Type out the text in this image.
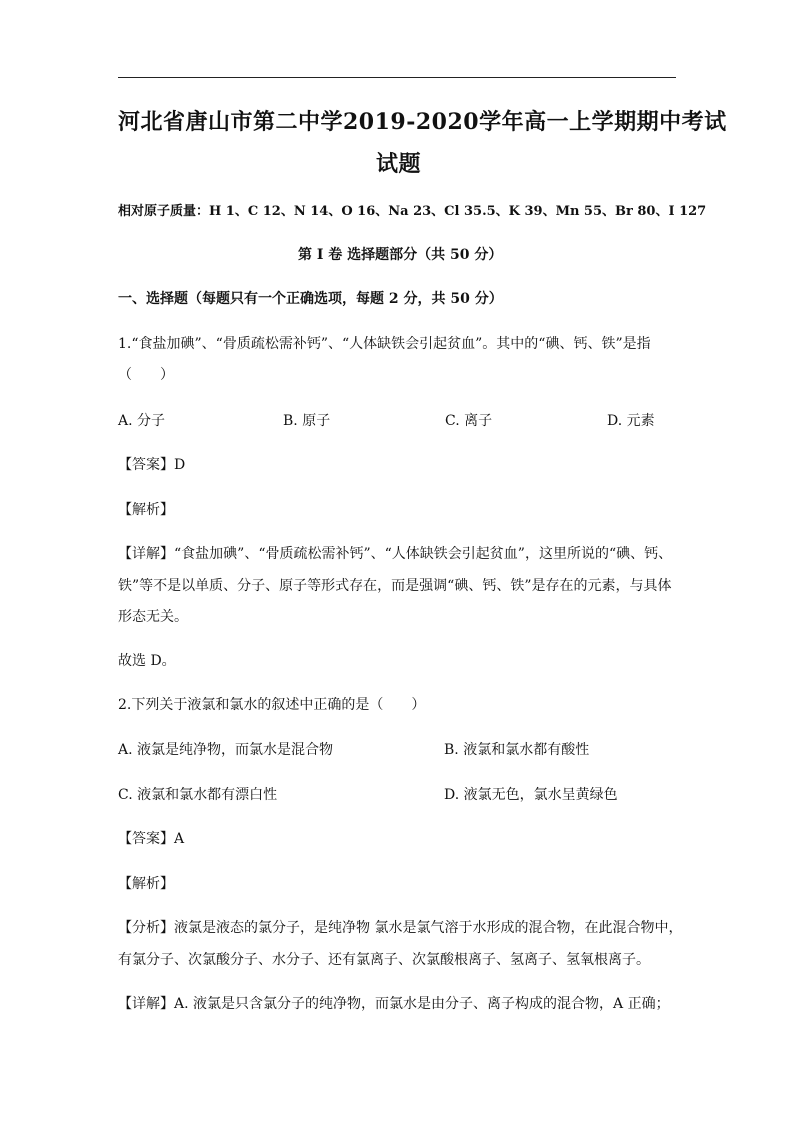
河北省唐山市第二中学2019-2020学年高一上学期期中考试
试题
相对原子质量：H 1、C 12、N 14、O 16、Na 23、Cl 35.5、K 39、Mn 55、Br 80、I 127
第 I 卷 选择题部分（共 50 分）
一、选择题（每题只有一个正确选项，每题 2 分，共 50 分）
1.“食盐加碘”、“骨质疏松需补钙”、“人体缺铁会引起贫血”。其中的“碘、钙、铁”是指
（　　）
A. 分子	B. 原子	C. 离子	D. 元素
【答案】D
【解析】
【详解】“食盐加碘”、“骨质疏松需补钙”、“人体缺铁会引起贫血”，这里所说的“碘、钙、
铁”等不是以单质、分子、原子等形式存在，而是强调“碘、钙、铁”是存在的元素，与具体
形态无关。
故选 D。
2.下列关于液氯和氯水的叙述中正确的是（　　）
A. 液氯是纯净物，而氯水是混合物	B. 液氯和氯水都有酸性
C. 液氯和氯水都有漂白性	D. 液氯无色，氯水呈黄绿色
【答案】A
【解析】
【分析】液氯是液态的氯分子，是纯净物 氯水是氯气溶于水形成的混合物，在此混合物中，
有氯分子、次氯酸分子、水分子、还有氯离子、次氯酸根离子、氢离子、氢氧根离子。
【详解】A. 液氯是只含氯分子的纯净物，而氯水是由分子、离子构成的混合物，A 正确；
